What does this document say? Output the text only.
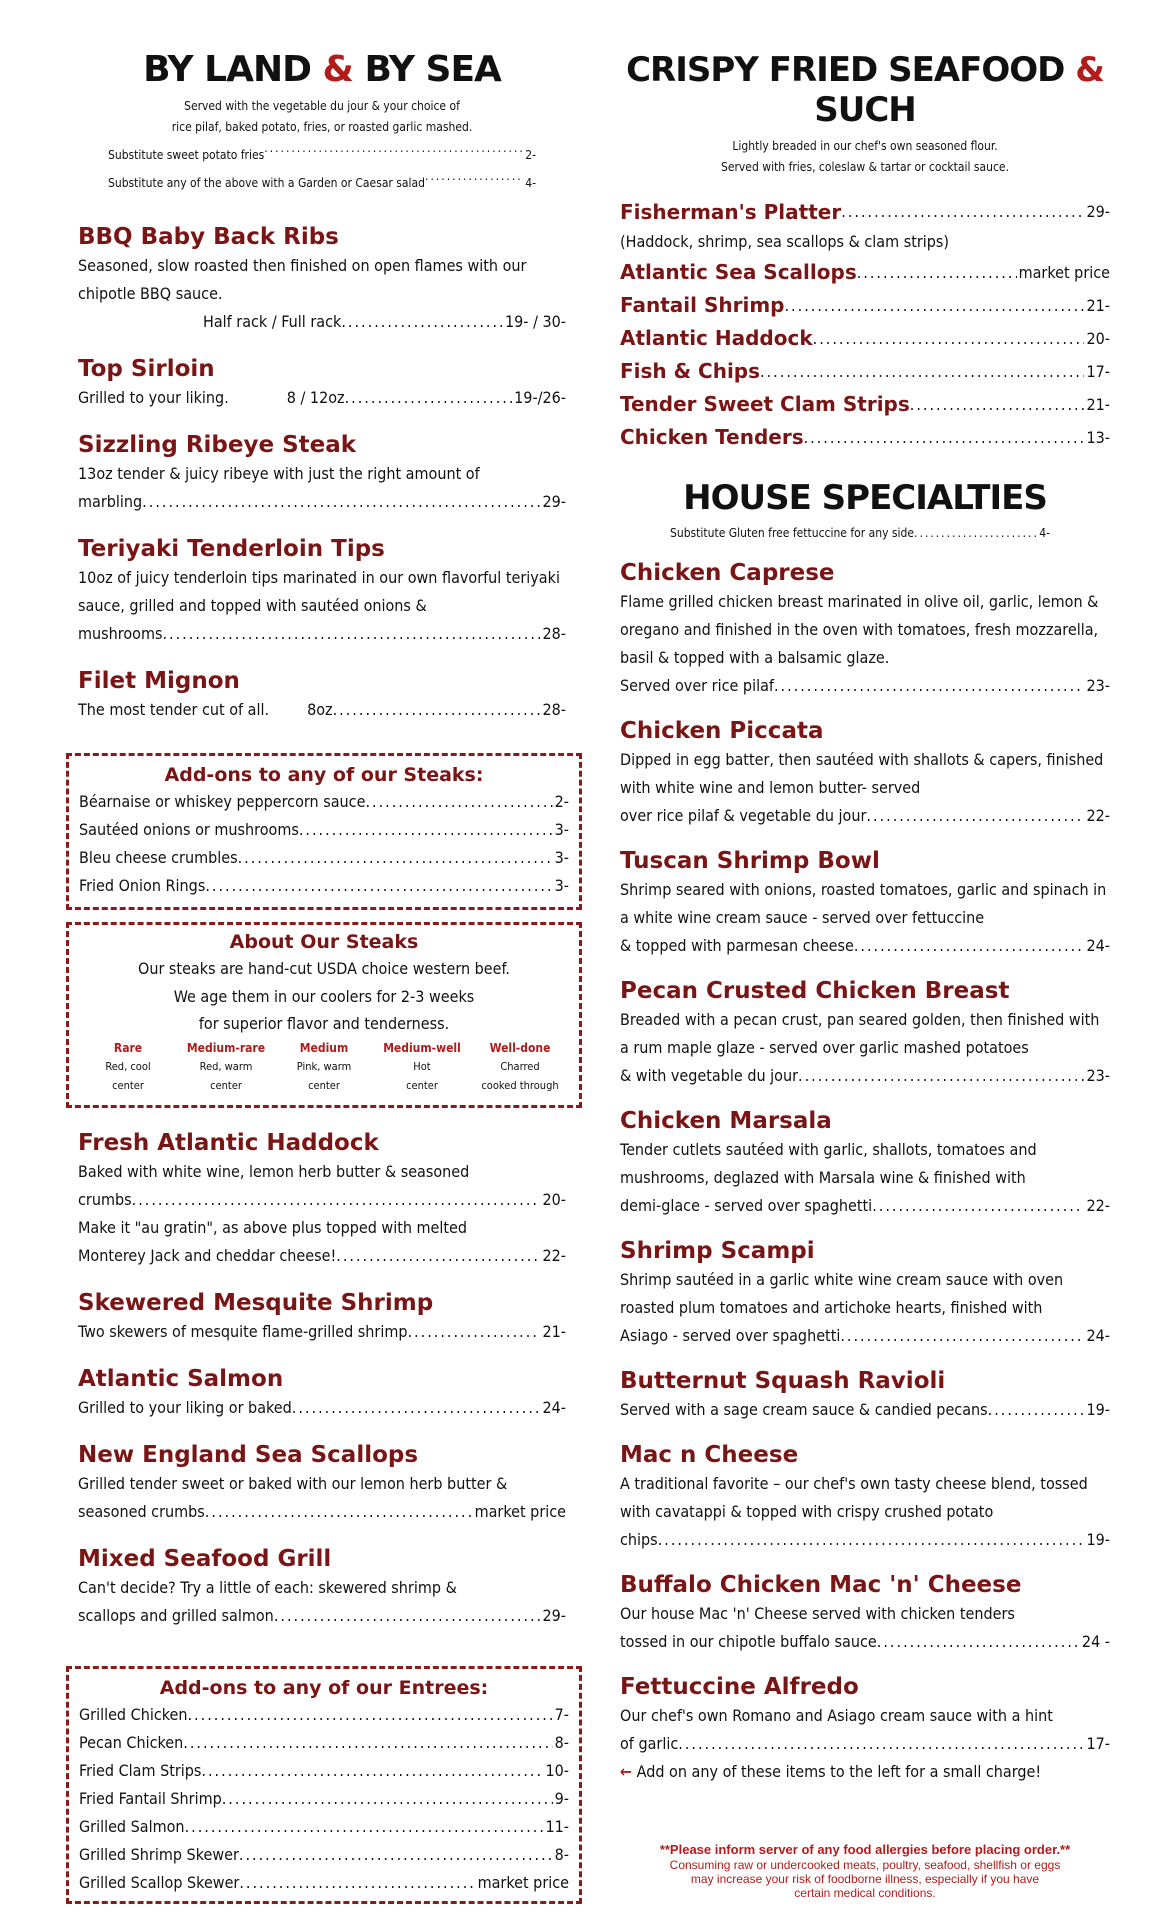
BY LAND & BY SEA

Served with the vegetable du jour & your choice of

rice pilaf, baked potato, fries, or roasted garlic mashed.

Substitute sweet potato fries .....	2-
Substitute any of the above with a Garden or Caesar salad .....	4-

BBQ Baby Back Ribs

Seasoned, slow roasted then finished on open flames with our chipotle BBQ sauce.

Half rack / Full rack .....	19- / 30-

Top Sirloin

Grilled to your liking.	8 / 12oz .....	19-/26-

Sizzling Ribeye Steak

13oz tender & juicy ribeye with just the right amount of

marbling .....	29-

Teriyaki Tenderloin Tips

10oz of juicy tenderloin tips marinated in our own flavorful teriyaki sauce, grilled and topped with sautéed onions &

mushrooms .....	28-

Filet Mignon

The most tender cut of all.	8oz .....	28-

Add-ons to any of our Steaks:

Béarnaise or whiskey peppercorn sauce .....	2-
Sautéed onions or mushrooms .....	3-
Bleu cheese crumbles .....	3-
Fried Onion Rings .....	3-

About Our Steaks

Our steaks are hand-cut USDA choice western beef.

We age them in our coolers for 2-3 weeks

for superior flavor and tenderness.

Rare
Red, cool
center
Medium-rare
Red, warm
center
Medium
Pink, warm
center
Medium-well
Hot
center
Well-done
Charred
cooked through

Fresh Atlantic Haddock

Baked with white wine, lemon herb butter & seasoned

crumbs .....	20-

Make it "au gratin", as above plus topped with melted

Monterey Jack and cheddar cheese! .....	22-

Skewered Mesquite Shrimp

Two skewers of mesquite flame-grilled shrimp .....	21-

Atlantic Salmon

Grilled to your liking or baked .....	24-

New England Sea Scallops

Grilled tender sweet or baked with our lemon herb butter &

seasoned crumbs .....	market price

Mixed Seafood Grill

Can't decide? Try a little of each: skewered shrimp &

scallops and grilled salmon .....	29-

Add-ons to any of our Entrees:

Grilled Chicken .....	7-
Pecan Chicken .....	8-
Fried Clam Strips .....	10-
Fried Fantail Shrimp .....	9-
Grilled Salmon .....	11-
Grilled Shrimp Skewer .....	8-
Grilled Scallop Skewer .....	market price
CRISPY FRIED SEAFOOD & SUCH

Lightly breaded in our chef's own seasoned flour.

Served with fries, coleslaw & tartar or cocktail sauce.

Fisherman's Platter .....	29-

(Haddock, shrimp, sea scallops & clam strips)

Atlantic Sea Scallops .....	market price
Fantail Shrimp .....	21-
Atlantic Haddock .....	20-
Fish & Chips .....	17-
Tender Sweet Clam Strips .....	21-
Chicken Tenders .....	13-
HOUSE SPECIALTIES
Substitute Gluten free fettuccine for any side .....	4-

Chicken Caprese

Flame grilled chicken breast marinated in olive oil, garlic, lemon & oregano and finished in the oven with tomatoes, fresh mozzarella, basil & topped with a balsamic glaze.

Served over rice pilaf .....	23-

Chicken Piccata

Dipped in egg batter, then sautéed with shallots & capers, finished with white wine and lemon butter- served

over rice pilaf & vegetable du jour .....	22-

Tuscan Shrimp Bowl

Shrimp seared with onions, roasted tomatoes, garlic and spinach in a white wine cream sauce - served over fettuccine

& topped with parmesan cheese .....	24-

Pecan Crusted Chicken Breast

Breaded with a pecan crust, pan seared golden, then finished with a rum maple glaze - served over garlic mashed potatoes

& with vegetable du jour .....	23-

Chicken Marsala

Tender cutlets sautéed with garlic, shallots, tomatoes and mushrooms, deglazed with Marsala wine & finished with

demi-glace - served over spaghetti .....	22-

Shrimp Scampi

Shrimp sautéed in a garlic white wine cream sauce with oven roasted plum tomatoes and artichoke hearts, finished with

Asiago - served over spaghetti .....	24-

Butternut Squash Ravioli

Served with a sage cream sauce & candied pecans .....	19-

Mac n Cheese

A traditional favorite – our chef's own tasty cheese blend, tossed with cavatappi & topped with crispy crushed potato

chips .....	19-

Buffalo Chicken Mac 'n' Cheese

Our house Mac 'n' Cheese served with chicken tenders

tossed in our chipotle buffalo sauce .....	24 -

Fettuccine Alfredo

Our chef's own Romano and Asiago cream sauce with a hint

of garlic .....	17-
← Add on any of these items to the left for a small charge!
**Please inform server of any food allergies before placing order.**
Consuming raw or undercooked meats, poultry, seafood, shellfish or eggs
may increase your risk of foodborne illness, especially if you have
certain medical conditions.
